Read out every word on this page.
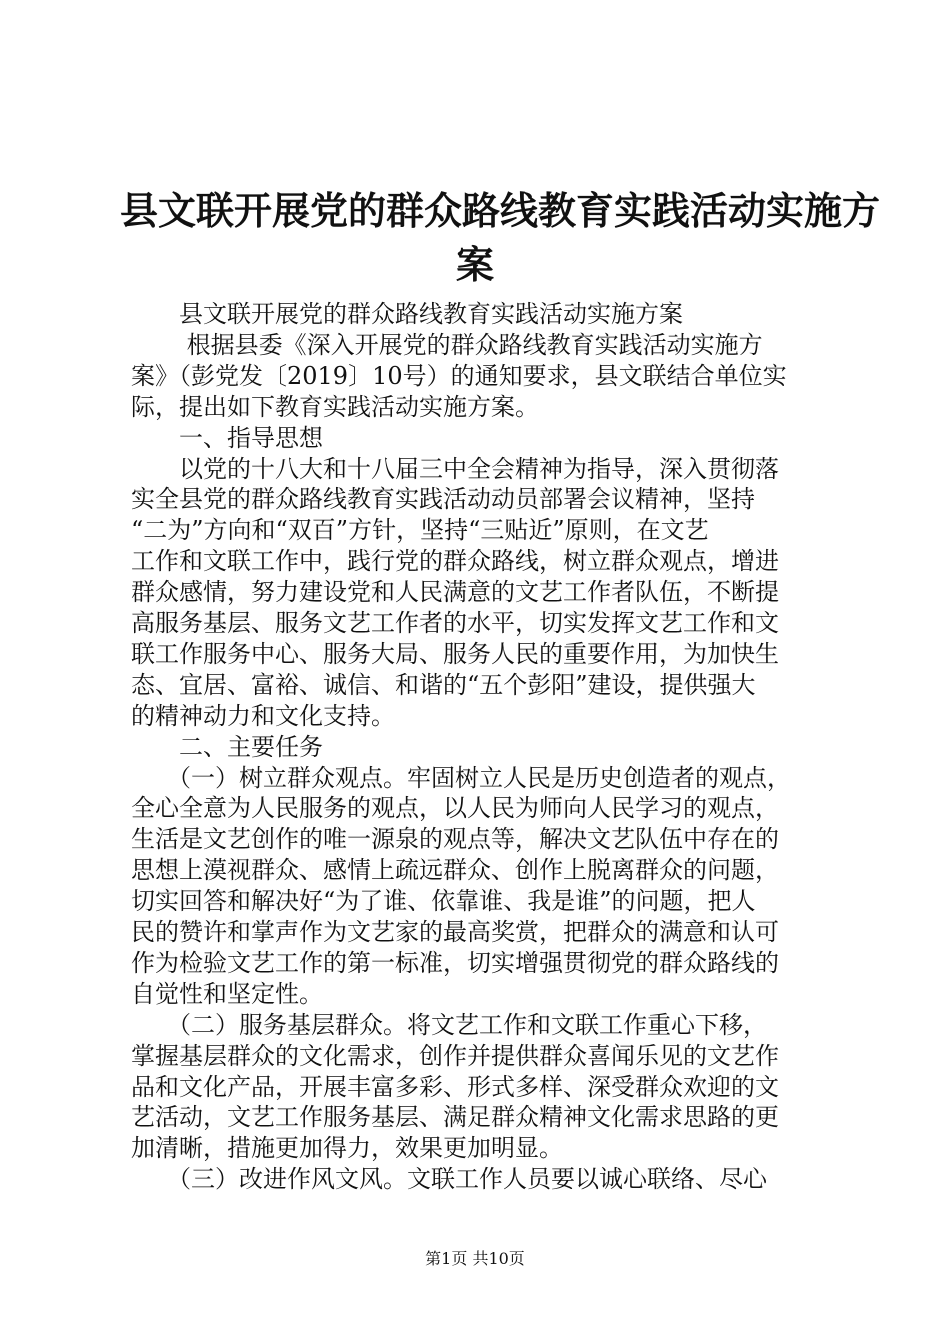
县文联开展党的群众路线教育实践活动实施方
案

　　县文联开展党的群众路线教育实践活动实施方案

　　 根据县委《深入开展党的群众路线教育实践活动实施方

案》（彭党发〔2019〕10号）的通知要求，县文联结合单位实

际，提出如下教育实践活动实施方案。

　　一、指导思想

　　以党的十八大和十八届三中全会精神为指导，深入贯彻落

实全县党的群众路线教育实践活动动员部署会议精神，坚持

“二为”方向和“双百”方针，坚持“三贴近”原则，在文艺

工作和文联工作中，践行党的群众路线，树立群众观点，增进

群众感情，努力建设党和人民满意的文艺工作者队伍，不断提

高服务基层、服务文艺工作者的水平，切实发挥文艺工作和文

联工作服务中心、服务大局、服务人民的重要作用，为加快生

态、宜居、富裕、诚信、和谐的“五个彭阳”建设，提供强大

的精神动力和文化支持。

　　二、主要任务

　　（一）树立群众观点。牢固树立人民是历史创造者的观点，

全心全意为人民服务的观点，以人民为师向人民学习的观点，

生活是文艺创作的唯一源泉的观点等，解决文艺队伍中存在的

思想上漠视群众、感情上疏远群众、创作上脱离群众的问题，

切实回答和解决好“为了谁、依靠谁、我是谁”的问题，把人

民的赞许和掌声作为文艺家的最高奖赏，把群众的满意和认可

作为检验文艺工作的第一标准，切实增强贯彻党的群众路线的

自觉性和坚定性。

　　（二）服务基层群众。将文艺工作和文联工作重心下移，

掌握基层群众的文化需求，创作并提供群众喜闻乐见的文艺作

品和文化产品，开展丰富多彩、形式多样、深受群众欢迎的文

艺活动，文艺工作服务基层、满足群众精神文化需求思路的更

加清晰，措施更加得力，效果更加明显。

　　（三）改进作风文风。文联工作人员要以诚心联络、尽心

第1页 共10页
